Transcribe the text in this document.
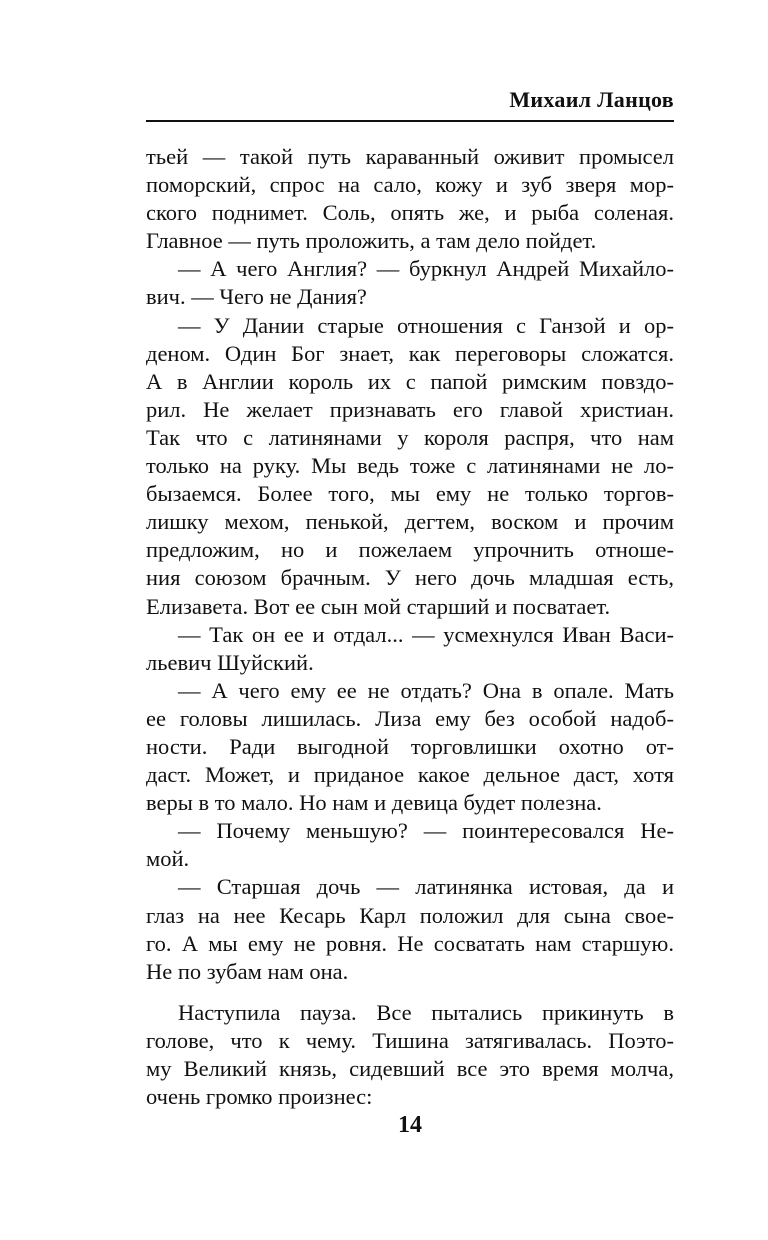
Михаил Ланцов
тьей — такой путь караванный оживит промысел
поморский, спрос на сало, кожу и зуб зверя мор-
ского поднимет. Соль, опять же, и рыба соленая.
Главное — путь проложить, а там дело пойдет.
— А чего Англия? — буркнул Андрей Михайло-
вич. — Чего не Дания?
— У Дании старые отношения с Ганзой и ор-
деном. Один Бог знает, как переговоры сложатся.
А в Англии король их с папой римским повздо-
рил. Не желает признавать его главой христиан.
Так что с латинянами у короля распря, что нам
только на руку. Мы ведь тоже с латинянами не ло-
бызаемся. Более того, мы ему не только торгов-
лишку мехом, пенькой, дегтем, воском и прочим
предложим, но и пожелаем упрочнить отноше-
ния союзом брачным. У него дочь младшая есть,
Елизавета. Вот ее сын мой старший и посватает.
— Так он ее и отдал... — усмехнулся Иван Васи-
льевич Шуйский.
— А чего ему ее не отдать? Она в опале. Мать
ее головы лишилась. Лиза ему без особой надоб-
ности. Ради выгодной торговлишки охотно от-
даст. Может, и приданое какое дельное даст, хотя
веры в то мало. Но нам и девица будет полезна.
— Почему меньшую? — поинтересовался Не-
мой.
— Старшая дочь — латинянка истовая, да и
глаз на нее Кесарь Карл положил для сына свое-
го. А мы ему не ровня. Не сосватать нам старшую.
Не по зубам нам она.
Наступила пауза. Все пытались прикинуть в
голове, что к чему. Тишина затягивалась. Поэто-
му Великий князь, сидевший все это время молча,
очень громко произнес:
14
